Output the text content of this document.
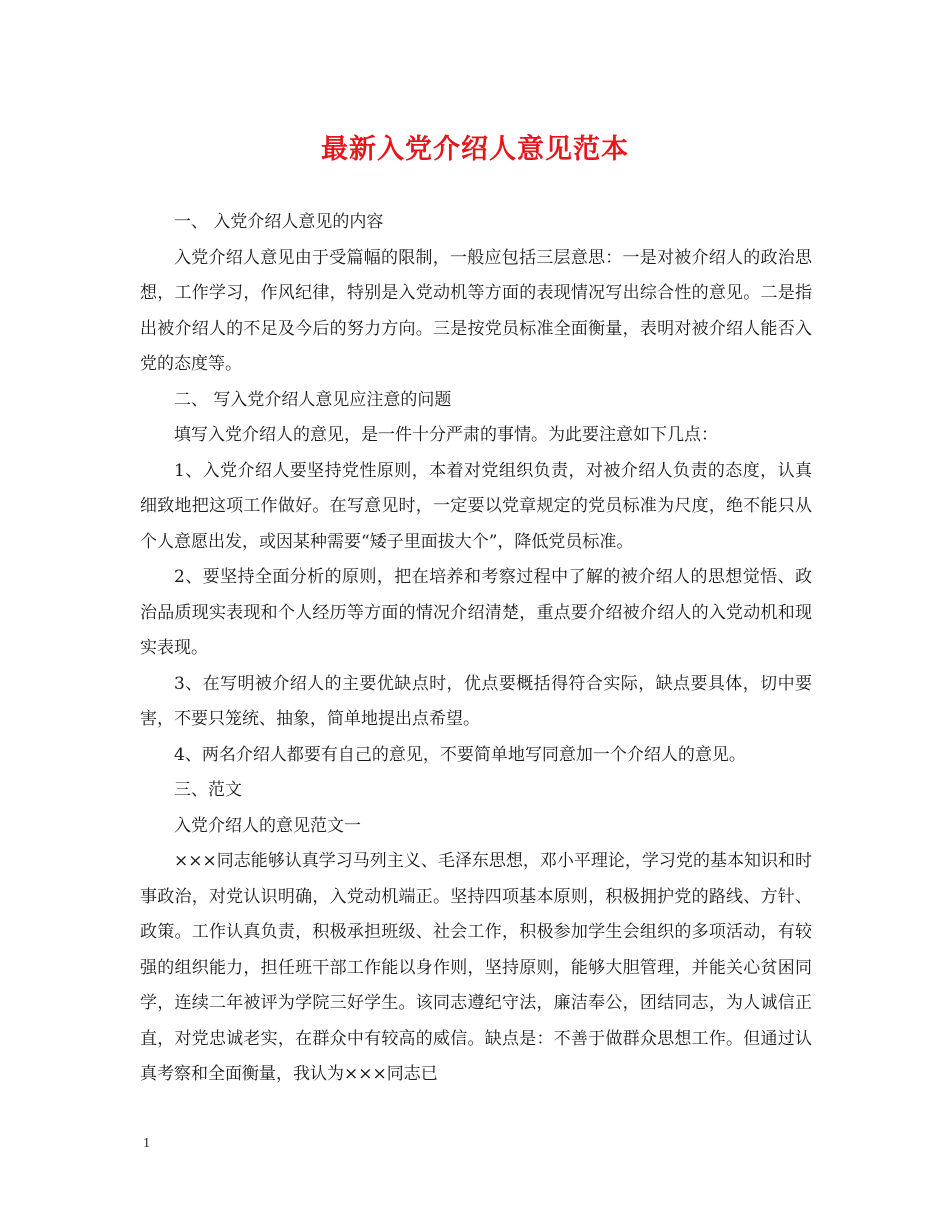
最新入党介绍人意见范本

一、 入党介绍人意见的内容

入党介绍人意见由于受篇幅的限制，一般应包括三层意思：一是对被介绍人的政治思想，工作学习，作风纪律，特别是入党动机等方面的表现情况写出综合性的意见。二是指出被介绍人的不足及今后的努力方向。三是按党员标准全面衡量，表明对被介绍人能否入党的态度等。

二、 写入党介绍人意见应注意的问题

填写入党介绍人的意见，是一件十分严肃的事情。为此要注意如下几点：

1、入党介绍人要坚持党性原则，本着对党组织负责，对被介绍人负责的态度，认真细致地把这项工作做好。在写意见时，一定要以党章规定的党员标准为尺度，绝不能只从个人意愿出发，或因某种需要“矮子里面拔大个”，降低党员标准。

2、要坚持全面分析的原则，把在培养和考察过程中了解的被介绍人的思想觉悟、政治品质现实表现和个人经历等方面的情况介绍清楚，重点要介绍被介绍人的入党动机和现实表现。

3、在写明被介绍人的主要优缺点时，优点要概括得符合实际，缺点要具体，切中要害，不要只笼统、抽象，简单地提出点希望。

4、两名介绍人都要有自己的意见，不要简单地写同意加一个介绍人的意见。

三、范文

入党介绍人的意见范文一

×××同志能够认真学习马列主义、毛泽东思想，邓小平理论，学习党的基本知识和时事政治，对党认识明确，入党动机端正。坚持四项基本原则，积极拥护党的路线、方针、政策。工作认真负责，积极承担班级、社会工作，积极参加学生会组织的多项活动，有较强的组织能力，担任班干部工作能以身作则，坚持原则，能够大胆管理，并能关心贫困同学，连续二年被评为学院三好学生。该同志遵纪守法，廉洁奉公，团结同志，为人诚信正直，对党忠诚老实，在群众中有较高的威信。缺点是：不善于做群众思想工作。但通过认真考察和全面衡量，我认为×××同志已

1
